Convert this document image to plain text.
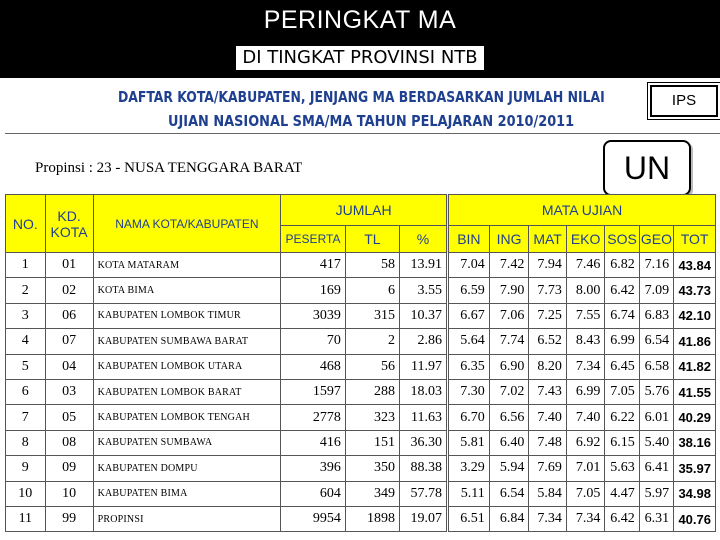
PERINGKAT MA
DI TINGKAT PROVINSI NTB
DAFTAR KOTA/KABUPATEN, JENJANG MA BERDASARKAN JUMLAH NILAI
UJIAN NASIONAL SMA/MA TAHUN PELAJARAN 2010/2011
IPS
Propinsi : 23 - NUSA TENGGARA BARAT	UN
NO.	KD. KOTA	NAMA KOTA/KABUPATEN	JUMLAH			MATA UJIAN						
			PESERTA	TL	%	BIN	ING	MAT	EKO	SOS	GEO	TOT
1	01	KOTA MATARAM	417	58	13.91	7.04	7.42	7.94	7.46	6.82	7.16	43.84
2	02	KOTA BIMA	169	6	3.55	6.59	7.90	7.73	8.00	6.42	7.09	43.73
3	06	KABUPATEN LOMBOK TIMUR	3039	315	10.37	6.67	7.06	7.25	7.55	6.74	6.83	42.10
4	07	KABUPATEN SUMBAWA BARAT	70	2	2.86	5.64	7.74	6.52	8.43	6.99	6.54	41.86
5	04	KABUPATEN LOMBOK UTARA	468	56	11.97	6.35	6.90	8.20	7.34	6.45	6.58	41.82
6	03	KABUPATEN LOMBOK BARAT	1597	288	18.03	7.30	7.02	7.43	6.99	7.05	5.76	41.55
7	05	KABUPATEN LOMBOK TENGAH	2778	323	11.63	6.70	6.56	7.40	7.40	6.22	6.01	40.29
8	08	KABUPATEN SUMBAWA	416	151	36.30	5.81	6.40	7.48	6.92	6.15	5.40	38.16
9	09	KABUPATEN DOMPU	396	350	88.38	3.29	5.94	7.69	7.01	5.63	6.41	35.97
10	10	KABUPATEN BIMA	604	349	57.78	5.11	6.54	5.84	7.05	4.47	5.97	34.98
11	99	PROPINSI	9954	1898	19.07	6.51	6.84	7.34	7.34	6.42	6.31	40.76
